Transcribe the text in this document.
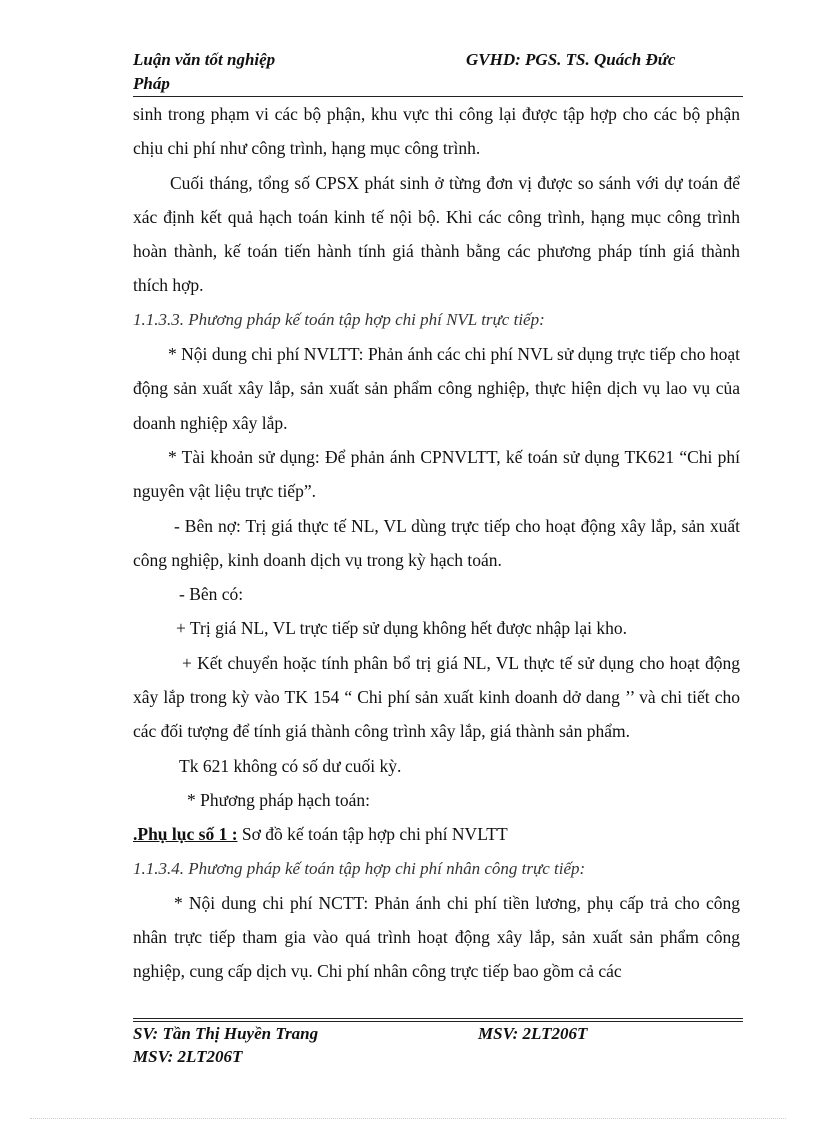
Luận văn tốt nghiệp	GVHD: PGS. TS. Quách Đức
Pháp

sinh trong phạm vi các bộ phận, khu vực thi công lại được tập hợp cho các bộ phận chịu chi phí như công trình, hạng mục công trình.

Cuối tháng, tổng số CPSX phát sinh ở từng đơn vị được so sánh với dự toán để xác định kết quả hạch toán kinh tế nội bộ. Khi các công trình, hạng mục công trình hoàn thành, kế toán tiến hành tính giá thành bằng các phương pháp tính giá thành thích hợp.

1.1.3.3. Phương pháp kế toán tập hợp chi phí NVL trực tiếp:

* Nội dung chi phí NVLTT: Phản ánh các chi phí NVL sử dụng trực tiếp cho hoạt động sản xuất xây lắp, sản xuất sản phẩm công nghiệp, thực hiện dịch vụ lao vụ của doanh nghiệp xây lắp.

* Tài khoản sử dụng: Để phản ánh CPNVLTT, kế toán sử dụng TK621 “Chi phí nguyên vật liệu trực tiếp”.

- Bên nợ: Trị giá thực tế NL, VL dùng trực tiếp cho hoạt động xây lắp, sản xuất công nghiệp, kinh doanh dịch vụ trong kỳ hạch toán.

- Bên có:

+ Trị giá NL, VL trực tiếp sử dụng không hết được nhập lại kho.

+ Kết chuyển hoặc tính phân bổ trị giá NL, VL thực tế sử dụng cho hoạt động xây lắp trong kỳ vào TK 154 “ Chi phí sản xuất kinh doanh dở dang ’’ và chi tiết cho các đối tượng để tính giá thành công trình xây lắp, giá thành sản phẩm.

Tk 621 không có số dư cuối kỳ.

* Phương pháp hạch toán:

.Phụ lục số 1 : Sơ đồ kế toán tập hợp chi phí NVLTT

1.1.3.4. Phương pháp kế toán tập hợp chi phí nhân công trực tiếp:

* Nội dung chi phí NCTT: Phản ánh chi phí tiền lương, phụ cấp trả cho công nhân trực tiếp tham gia vào quá trình hoạt động xây lắp, sản xuất sản phẩm công nghiệp, cung cấp dịch vụ. Chi phí nhân công trực tiếp bao gồm cả các

SV: Tần Thị Huyền Trang	MSV: 2LT206T
MSV: 2LT206T
